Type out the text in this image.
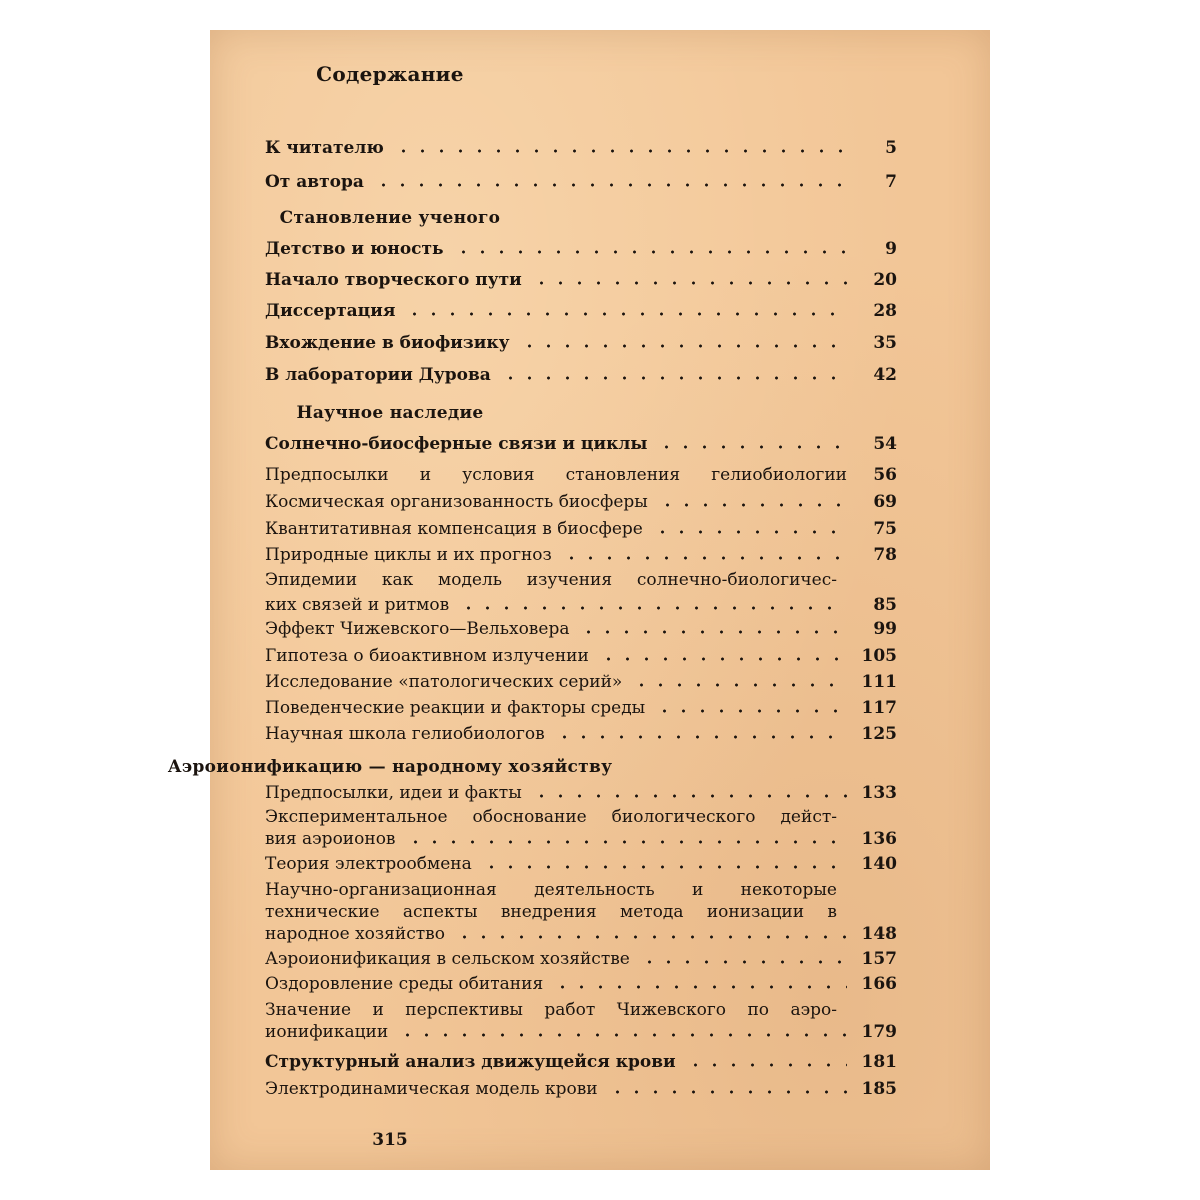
Содержание
К читателю	5
От автора	7
Становление ученого
Детство и юность	9
Начало творческого пути	20
Диссертация	28
Вхождение в биофизику	35
В лаборатории Дурова	42
Научное наследие
Солнечно-биосферные связи и циклы	54
Предпосылки и условия становления гелиобиологии	56
Космическая организованность биосферы	69
Квантитативная компенсация в биосфере	75
Природные циклы и их прогноз	78
Эпидемии как модель изучения солнечно-биологичес-
ких связей и ритмов	85
Эффект Чижевского—Вельховера	99
Гипотеза о биоактивном излучении	105
Исследование «патологических серий»	111
Поведенческие реакции и факторы среды	117
Научная школа гелиобиологов	125
Аэроионификацию — народному хозяйству
Предпосылки, идеи и факты	133
Экспериментальное обоснование биологического дейст-
вия аэроионов	136
Теория электрообмена	140
Научно-организационная деятельность и некоторые
технические аспекты внедрения метода ионизации в
народное хозяйство	148
Аэроионификация в сельском хозяйстве	157
Оздоровление среды обитания	166
Значение и перспективы работ Чижевского по аэро-
ионификации	179
Структурный анализ движущейся крови	181
Электродинамическая модель крови	185
315
